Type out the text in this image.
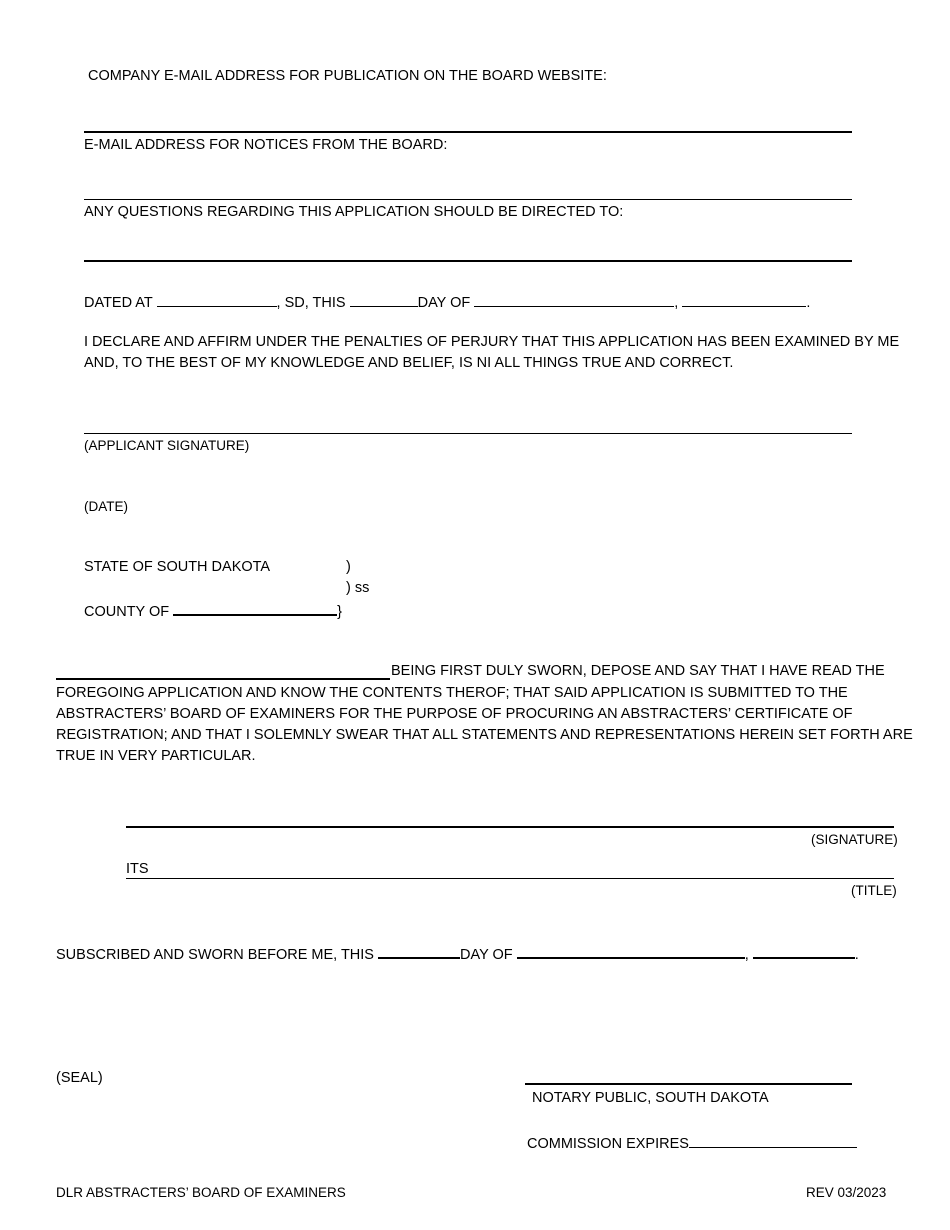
COMPANY E-MAIL ADDRESS FOR PUBLICATION ON THE BOARD WEBSITE:
E-MAIL ADDRESS FOR NOTICES FROM THE BOARD:
ANY QUESTIONS REGARDING THIS APPLICATION SHOULD BE DIRECTED TO:
DATED AT	, SD, THIS	DAY OF	,	.
I DECLARE AND AFFIRM UNDER THE PENALTIES OF PERJURY THAT THIS APPLICATION HAS BEEN EXAMINED BY ME
AND, TO THE BEST OF MY KNOWLEDGE AND BELIEF, IS NI ALL THINGS TRUE AND CORRECT.
(APPLICANT SIGNATURE)
(DATE)
STATE OF SOUTH DAKOTA	)
) ss
COUNTY OF	}
BEING FIRST DULY SWORN, DEPOSE AND SAY THAT I HAVE READ THE
FOREGOING APPLICATION AND KNOW THE CONTENTS THEROF; THAT SAID APPLICATION IS SUBMITTED TO THE
ABSTRACTERS’ BOARD OF EXAMINERS FOR THE PURPOSE OF PROCURING AN ABSTRACTERS’ CERTIFICATE OF
REGISTRATION; AND THAT I SOLEMNLY SWEAR THAT ALL STATEMENTS AND REPRESENTATIONS HEREIN SET FORTH ARE
TRUE IN VERY PARTICULAR.
(SIGNATURE)
ITS
(TITLE)
SUBSCRIBED AND SWORN BEFORE ME, THIS	DAY OF	,	.
(SEAL)
NOTARY PUBLIC, SOUTH DAKOTA
COMMISSION EXPIRES
DLR ABSTRACTERS’ BOARD OF EXAMINERS	REV 03/2023
